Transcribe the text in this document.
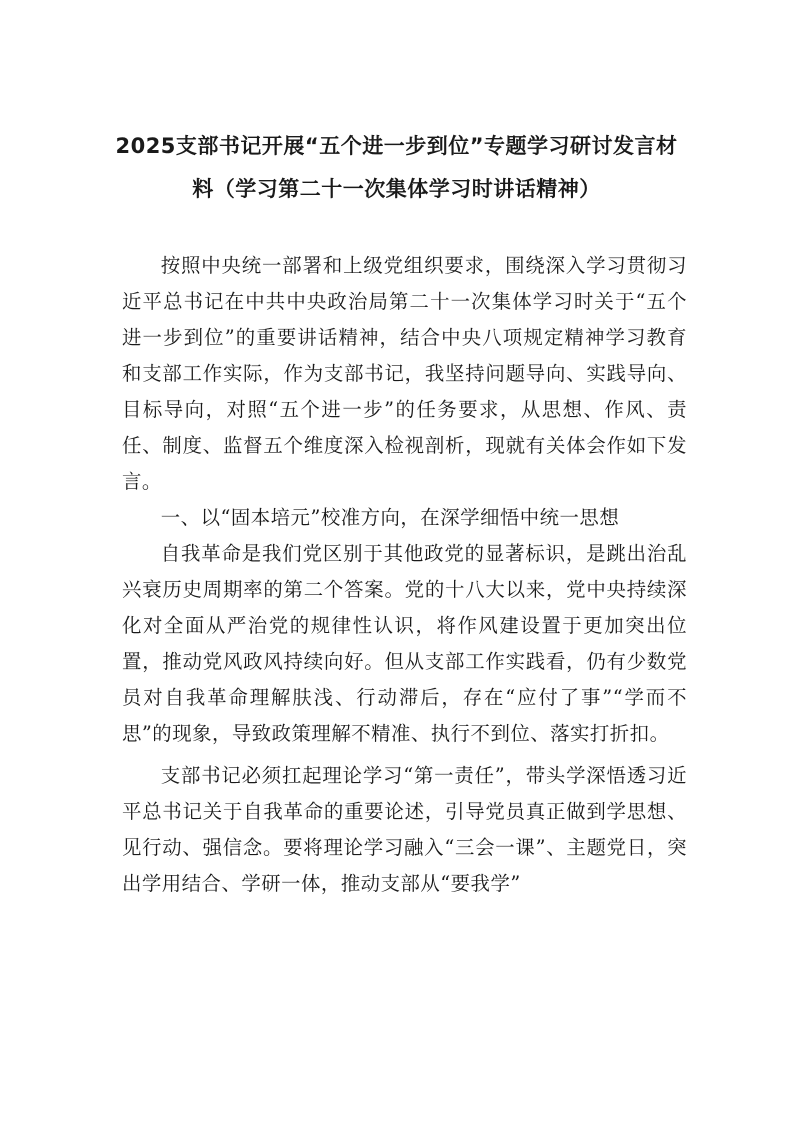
2025支部书记开展“五个进一步到位”专题学习研讨发言材
料（学习第二十一次集体学习时讲话精神）

按照中央统一部署和上级党组织要求，围绕深入学习贯彻习近平总书记在中共中央政治局第二十一次集体学习时关于“五个进一步到位”的重要讲话精神，结合中央八项规定精神学习教育和支部工作实际，作为支部书记，我坚持问题导向、实践导向、目标导向，对照“五个进一步”的任务要求，从思想、作风、责任、制度、监督五个维度深入检视剖析，现就有关体会作如下发言。

一、以“固本培元”校准方向，在深学细悟中统一思想

自我革命是我们党区别于其他政党的显著标识，是跳出治乱兴衰历史周期率的第二个答案。党的十八大以来，党中央持续深化对全面从严治党的规律性认识，将作风建设置于更加突出位置，推动党风政风持续向好。但从支部工作实践看，仍有少数党员对自我革命理解肤浅、行动滞后，存在“应付了事”“学而不思”的现象，导致政策理解不精准、执行不到位、落实打折扣。

支部书记必须扛起理论学习“第一责任”，带头学深悟透习近平总书记关于自我革命的重要论述，引导党员真正做到学思想、见行动、强信念。要将理论学习融入“三会一课”、主题党日，突出学用结合、学研一体，推动支部从“要我学”
